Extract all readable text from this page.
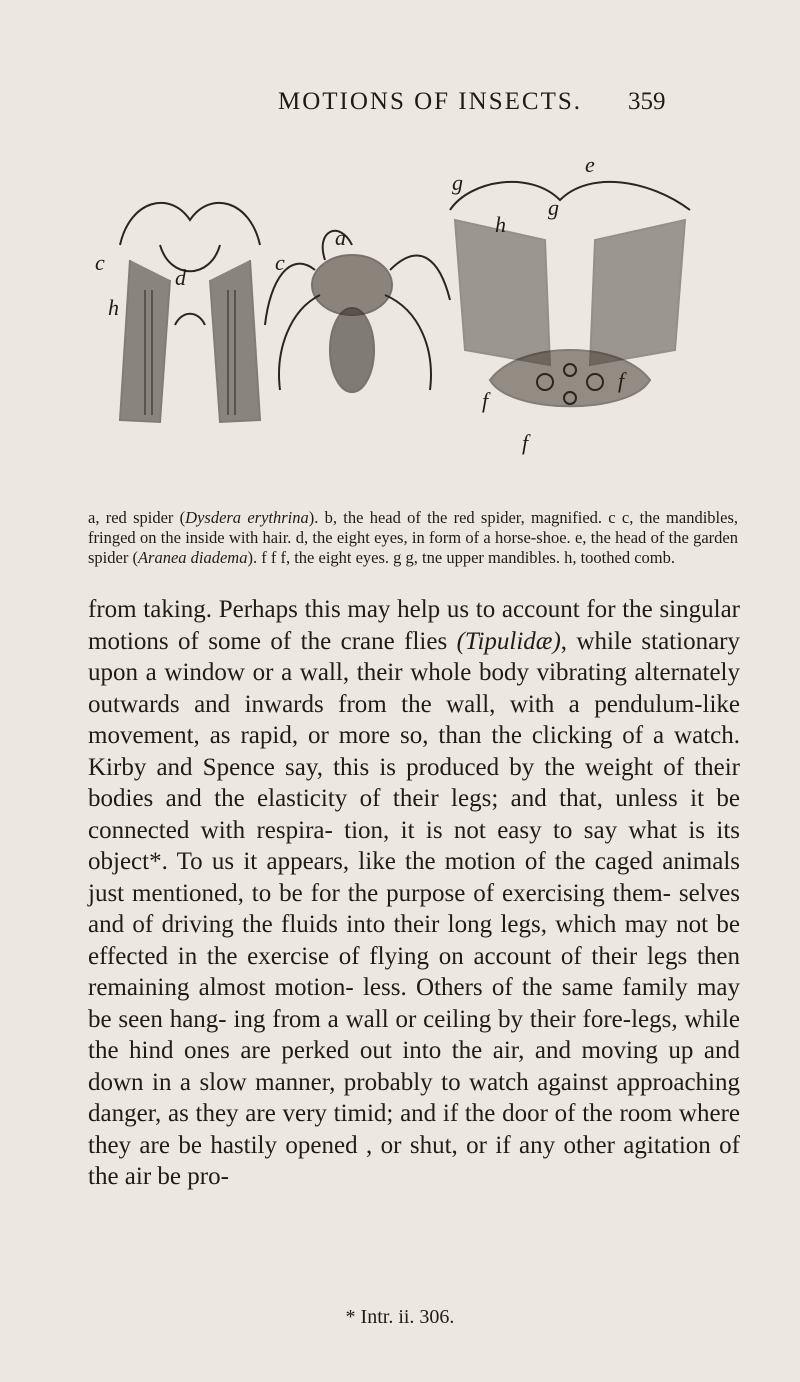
MOTIONS OF INSECTS.	359
c	c
h
d
a
e
g
g
h
f
f
f
a, red spider (Dysdera erythrina). b, the head of the red spider, magnified. c c, the mandibles, fringed on the inside with hair. d, the eight eyes, in form of a horse-shoe. e, the head of the garden spider (Aranea diadema). f f f, the eight eyes. g g, tne upper mandibles. h, toothed comb.
from taking. Perhaps this may help us to account for the singular motions of some of the crane flies (Tipulidæ), while stationary upon a window or a wall, their whole body vibrating alternately outwards and inwards from the wall, with a pendulum-like movement, as rapid, or more so, than the clicking of a watch. Kirby and Spence say, this is produced by the weight of their bodies and the elasticity of their legs; and that, unless it be connected with respira- tion, it is not easy to say what is its object*. To us it appears, like the motion of the caged animals just mentioned, to be for the purpose of exercising them- selves and of driving the fluids into their long legs, which may not be effected in the exercise of flying on account of their legs then remaining almost motion- less. Others of the same family may be seen hang- ing from a wall or ceiling by their fore-legs, while the hind ones are perked out into the air, and moving up and down in a slow manner, probably to watch against approaching danger, as they are very timid; and if the door of the room where they are be hastily opened , or shut, or if any other agitation of the air be pro-
* Intr. ii. 306.
